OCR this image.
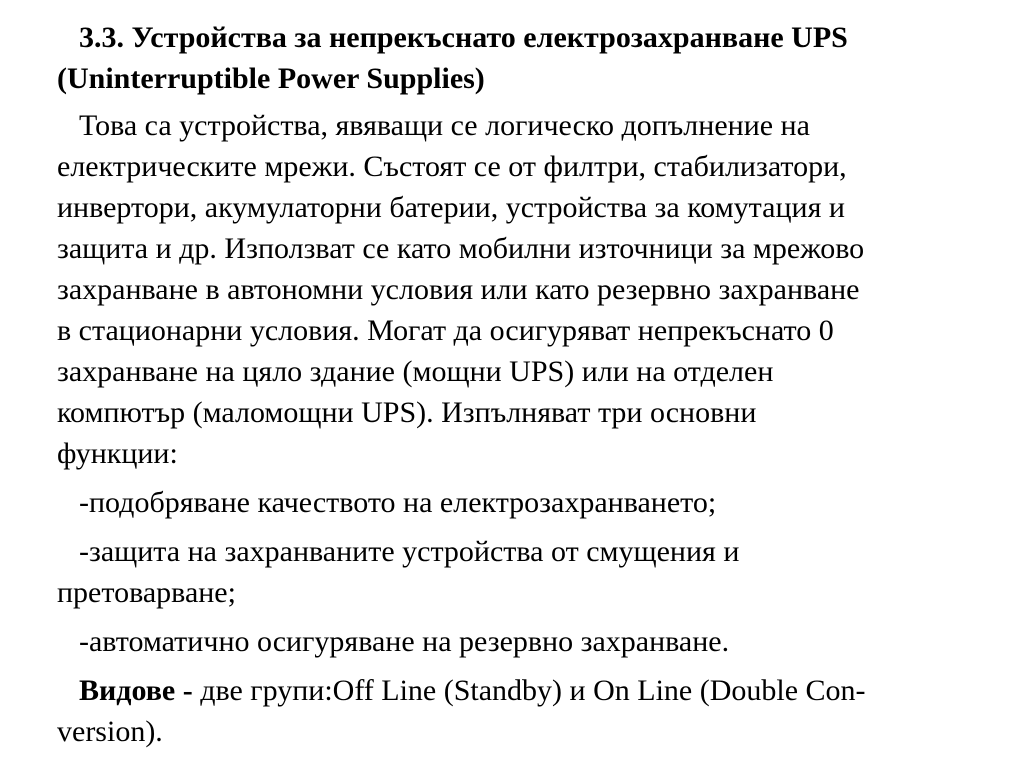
3.3. Устройства за непрекъснато електрозахранване UPS
(Uninterruptible Power Supplies)
Това са устройства, явяващи се логическо допълнение на
електрическите мрежи. Състоят се от филтри, стабилизатори,
инвертори, акумулаторни батерии, устройства за комутация и
защита и др. Използват се като мобилни източници за мрежово
захранване в автономни условия или като резервно захранване
в стационарни условия. Могат да осигуряват непрекъснато 0
захранване на цяло здание (мощни UPS) или на отделен
компютър (маломощни UPS). Изпълняват три основни
функции:
-подобряване качеството на електрозахранването;
-защита на захранваните устройства от смущения и
претоварване;
-автоматично осигуряване на резервно захранване.
Видове - две групи:Off Line (Standby) и On Line (Double Con-
version).
